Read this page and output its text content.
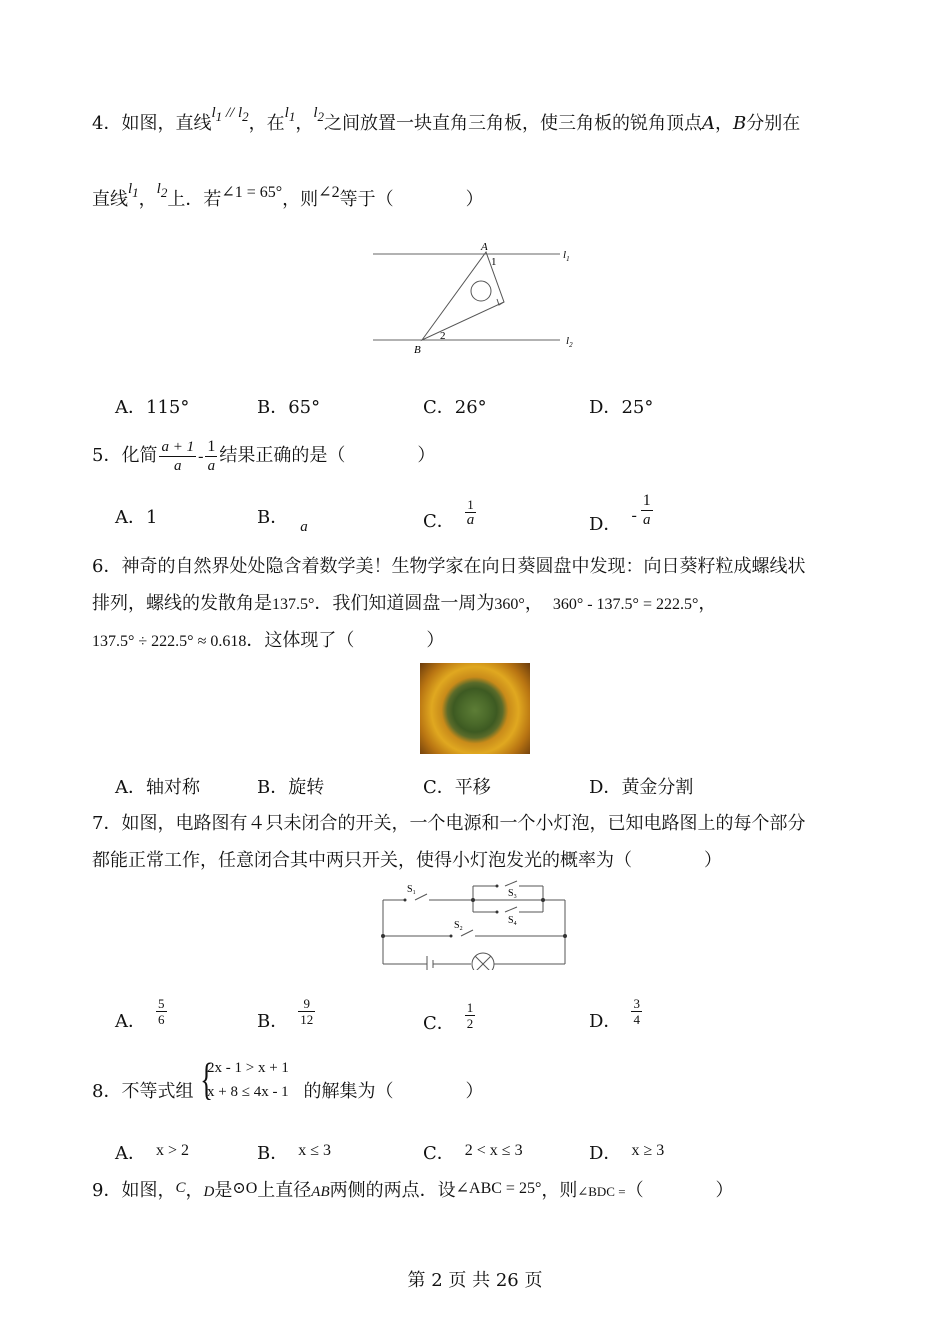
4．如图，直线$^{l_1 // l_2}$，在$^{l_1}$，$^{l_2}$之间放置一块直角三角板，使三角板的锐角顶点A，B分别在
直线$^{l_1}$，$^{l_2}$上．若∠1 = 65°，则∠2等于（　　　　）
A
1
B
2
$l_1$
$l_2$
A．115°	B．65°	C．26°	D．25°
5．化简 $\frac{a + 1}{a} - \frac{1}{a}$ 结果正确的是（　　　　）
A．1	B． $_a$	C． $\frac{1}{a}$	D． - $\frac{1}{a}$
6．神奇的自然界处处隐含着数学美！生物学家在向日葵圆盘中发现：向日葵籽粒成螺线状
排列，螺线的发散角是137.5°．我们知道圆盘一周为360°， 360° - 137.5° = 222.5°，
137.5° ÷ 222.5° ≈ 0.618．这体现了（　　　　）
A．轴对称	B．旋转	C．平移	D．黄金分割
7．如图，电路图有４只未闭合的开关，一个电源和一个小灯泡，已知电路图上的每个部分
都能正常工作，任意闭合其中两只开关，使得小灯泡发光的概率为（　　　　）
$S_1$	$S_3$
$S_4$
$S_2$
A． $\frac{5}{6}$	B． $\frac{9}{12}$	C． $\frac{1}{2}$	D． $\frac{3}{4}$
8．不等式组	的解集为（　　　　）
{
2x - 1 > x + 1
x + 8 ≤ 4x - 1
A． x > 2	B． x ≤ 3	C． 2 < x ≤ 3	D． x ≥ 3
9．如图，$^C$，D是⊙O上直径AB两侧的两点．设∠ABC = 25°，则∠BDC =（　　　　）
第 2 页 共 26 页
